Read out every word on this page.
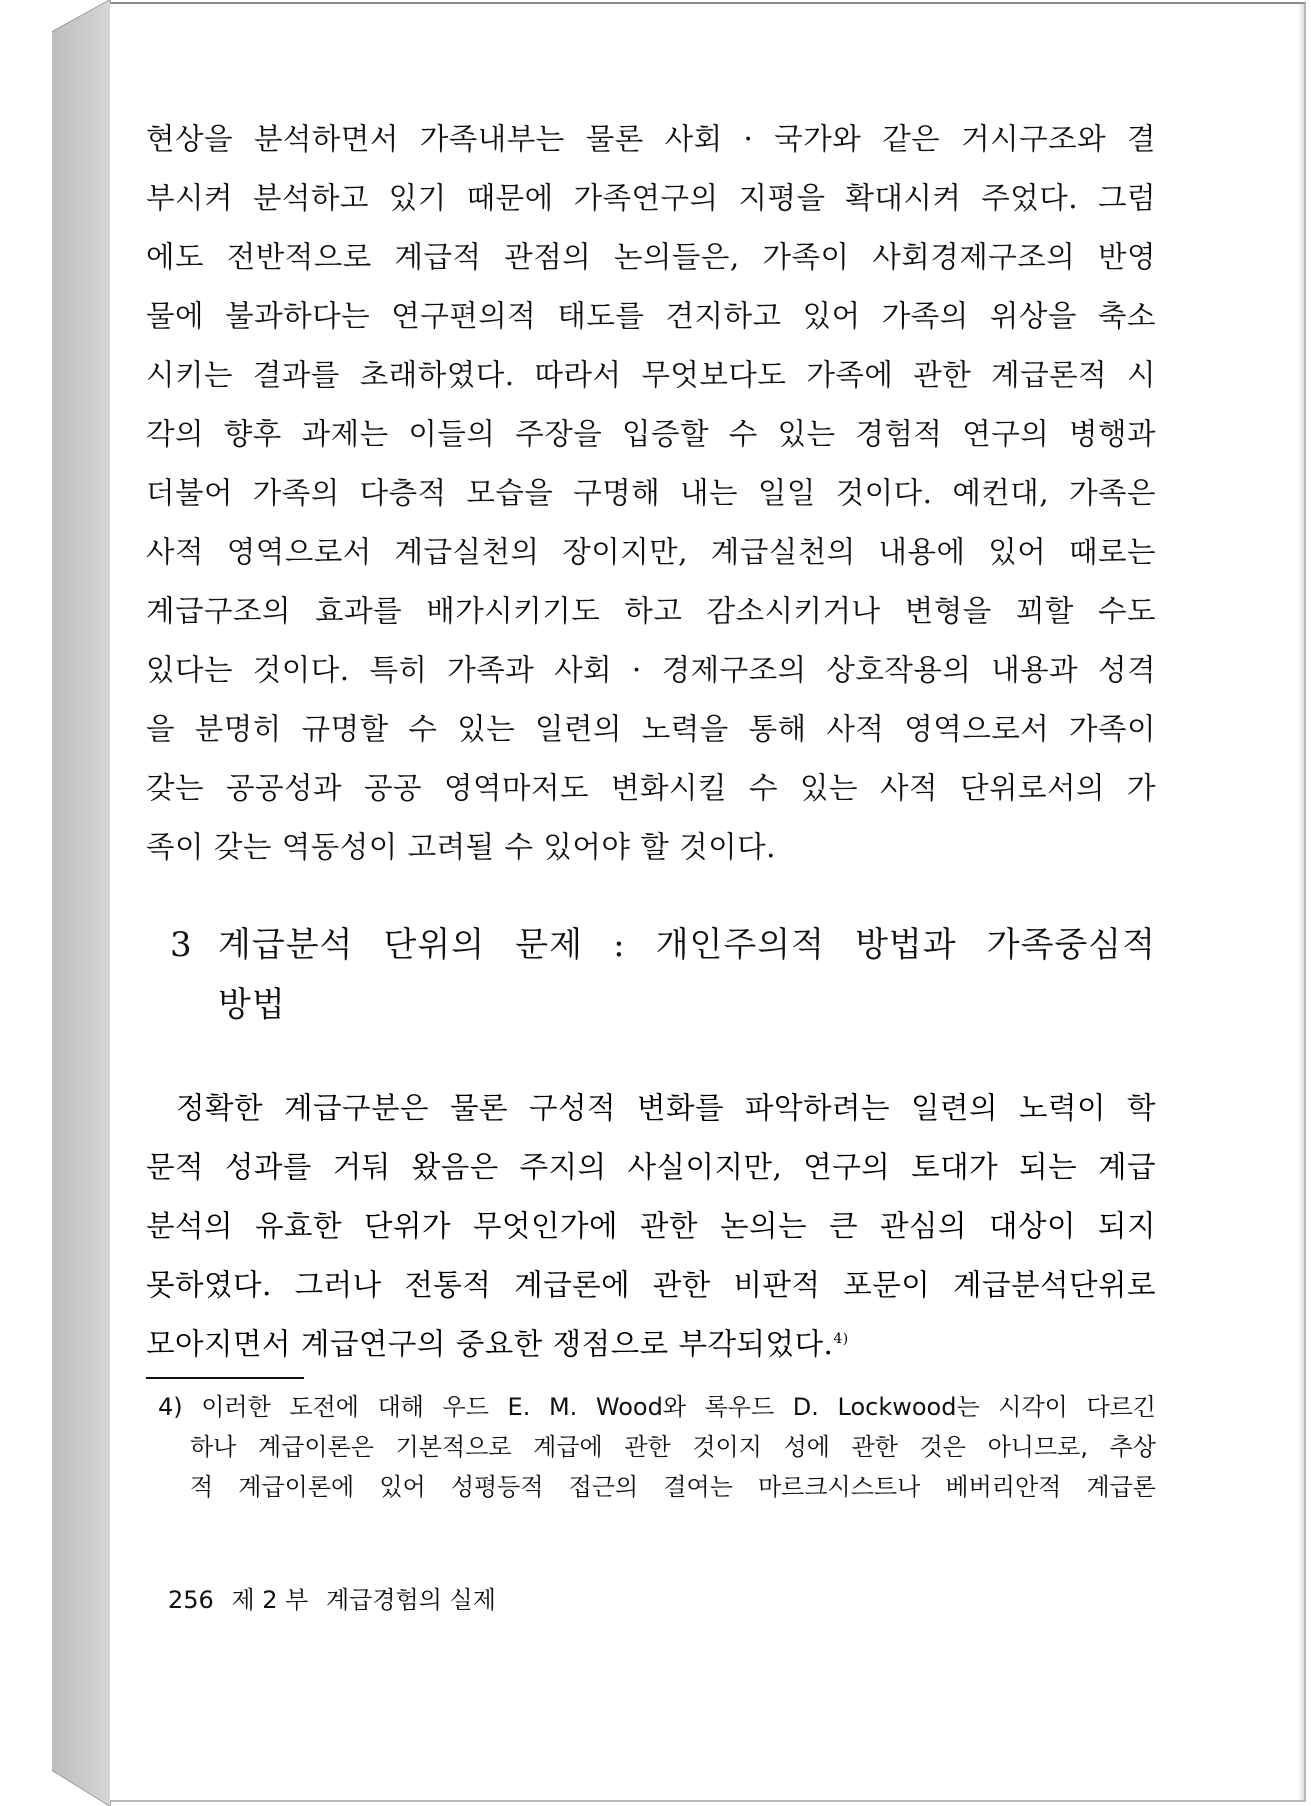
현상을 분석하면서 가족내부는 물론 사회 · 국가와 같은 거시구조와 결
부시켜 분석하고 있기 때문에 가족연구의 지평을 확대시켜 주었다. 그럼
에도 전반적으로 계급적 관점의 논의들은, 가족이 사회경제구조의 반영
물에 불과하다는 연구편의적 태도를 견지하고 있어 가족의 위상을 축소
시키는 결과를 초래하였다. 따라서 무엇보다도 가족에 관한 계급론적 시
각의 향후 과제는 이들의 주장을 입증할 수 있는 경험적 연구의 병행과
더불어 가족의 다층적 모습을 구명해 내는 일일 것이다. 예컨대, 가족은
사적 영역으로서 계급실천의 장이지만, 계급실천의 내용에 있어 때로는
계급구조의 효과를 배가시키기도 하고 감소시키거나 변형을 꾀할 수도
있다는 것이다. 특히 가족과 사회 · 경제구조의 상호작용의 내용과 성격
을 분명히 규명할 수 있는 일련의 노력을 통해 사적 영역으로서 가족이
갖는 공공성과 공공 영역마저도 변화시킬 수 있는 사적 단위로서의 가
족이 갖는 역동성이 고려될 수 있어야 할 것이다.

3 계급분석 단위의 문제 : 개인주의적 방법과 가족중심적
방법

정확한 계급구분은 물론 구성적 변화를 파악하려는 일련의 노력이 학
문적 성과를 거둬 왔음은 주지의 사실이지만, 연구의 토대가 되는 계급
분석의 유효한 단위가 무엇인가에 관한 논의는 큰 관심의 대상이 되지
못하였다. 그러나 전통적 계급론에 관한 비판적 포문이 계급분석단위로
모아지면서 계급연구의 중요한 쟁점으로 부각되었다.$^{4)}$

4) 이러한 도전에 대해 우드 E. M. Wood와 록우드 D. Lockwood는 시각이 다르긴
하나 계급이론은 기본적으로 계급에 관한 것이지 성에 관한 것은 아니므로, 추상
적 계급이론에 있어 성평등적 접근의 결여는 마르크시스트나 베버리안적 계급론
256 제 2 부 계급경험의 실제
